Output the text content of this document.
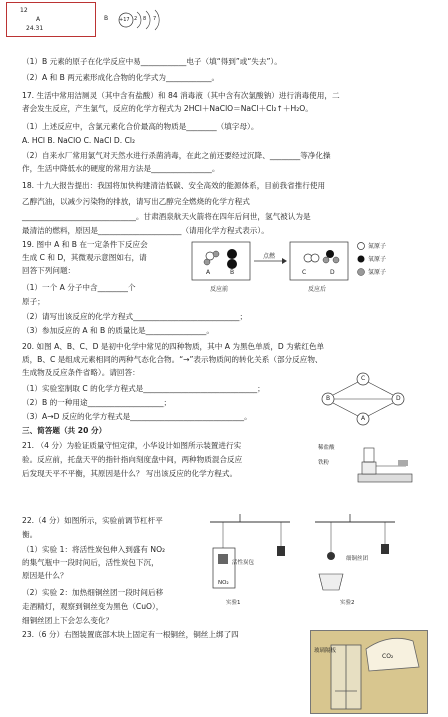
12
A
24.31
B +17 2 8 7
（1）B 元素的原子在化学反应中易____________电子（填“得到”或“失去”）。
（2）A 和 B 两元素形成化合物的化学式为____________。
17. 生活中常用洁厕灵（其中含有盐酸）和 84 消毒液（其中含有次氯酸钠）进行消毒使用，二
者会发生反应，产生氯气，反应的化学方程式为 2HCl＋NaClO＝NaCl＋Cl₂↑＋H₂O。
（1）上述反应中，含氯元素化合价最高的物质是________（填字母）。
A. HCl B. NaClO C. NaCl D. Cl₂
（2）自来水厂常用氯气对天然水进行杀菌消毒，在此之前还要经过沉降、________等净化操
作，生活中降低水的硬度的常用方法是________________。
18. 十九大报告提出：我国将加快构建清洁低碳、安全高效的能源体系，目前我省推行使用
乙醇汽油，以减少污染物的排放，请写出乙醇完全燃烧的化学方程式
______________________________。甘肃酒泉航天火箭将在四年后问世，氢气被认为是
最清洁的燃料，原因是______________________（请用化学方程式表示）。
19. 图中 A 和 B 在一定条件下反应会
生成 C 和 D，其微观示意图如右，请
回答下列问题：
（1）一个 A 分子中含________个
原子；
（2）请写出该反应的化学方程式____________________________；
（3）参加反应的 A 和 B 的质量比是________________。
20. 如图 A、B、C、D 是初中化学中常见的四种物质，其中 A 为黑色单质，D 为紫红色单
质，B、C 是组成元素相同的两种气态化合物。“→”表示物质间的转化关系（部分反应物、
生成物及反应条件省略）。请回答：
（1）实验室制取 C 的化学方程式是______________________________；
（2）B 的一种用途____________________；
（3）A→D 反应的化学方程式是______________________________。
三、简答题（共 20 分）
21. （4 分）为验证质量守恒定律，小华设计如图所示装置进行实
验。反应前，托盘天平的指针指向刻度盘中间，两种物质混合反应
后发现天平不平衡，其原因是什么？ 写出该反应的化学方程式。
22.（4 分）如图所示，实验前调节杠杆平
衡。
（1）实验 1：将活性炭包伸入到盛有 NO₂
的集气瓶中一段时间后，活性炭包下沉，
原因是什么？
（2）实验 2：加热细铜丝团一段时间后移
走酒精灯，观察到铜丝变为黑色（CuO），
细铜丝团上下会怎么变化？
23.（6 分）右图装置底部木块上固定有一根铜丝，铜丝上绑了四
A	B	C	D
点燃
反应前	反应后
氮原子
氧原子
氢原子
A
B
C
D
稀盐酸
铁粉
活性炭包
NO₂
实验1
细铜丝团
实验2
玻璃隔板
CO₂
